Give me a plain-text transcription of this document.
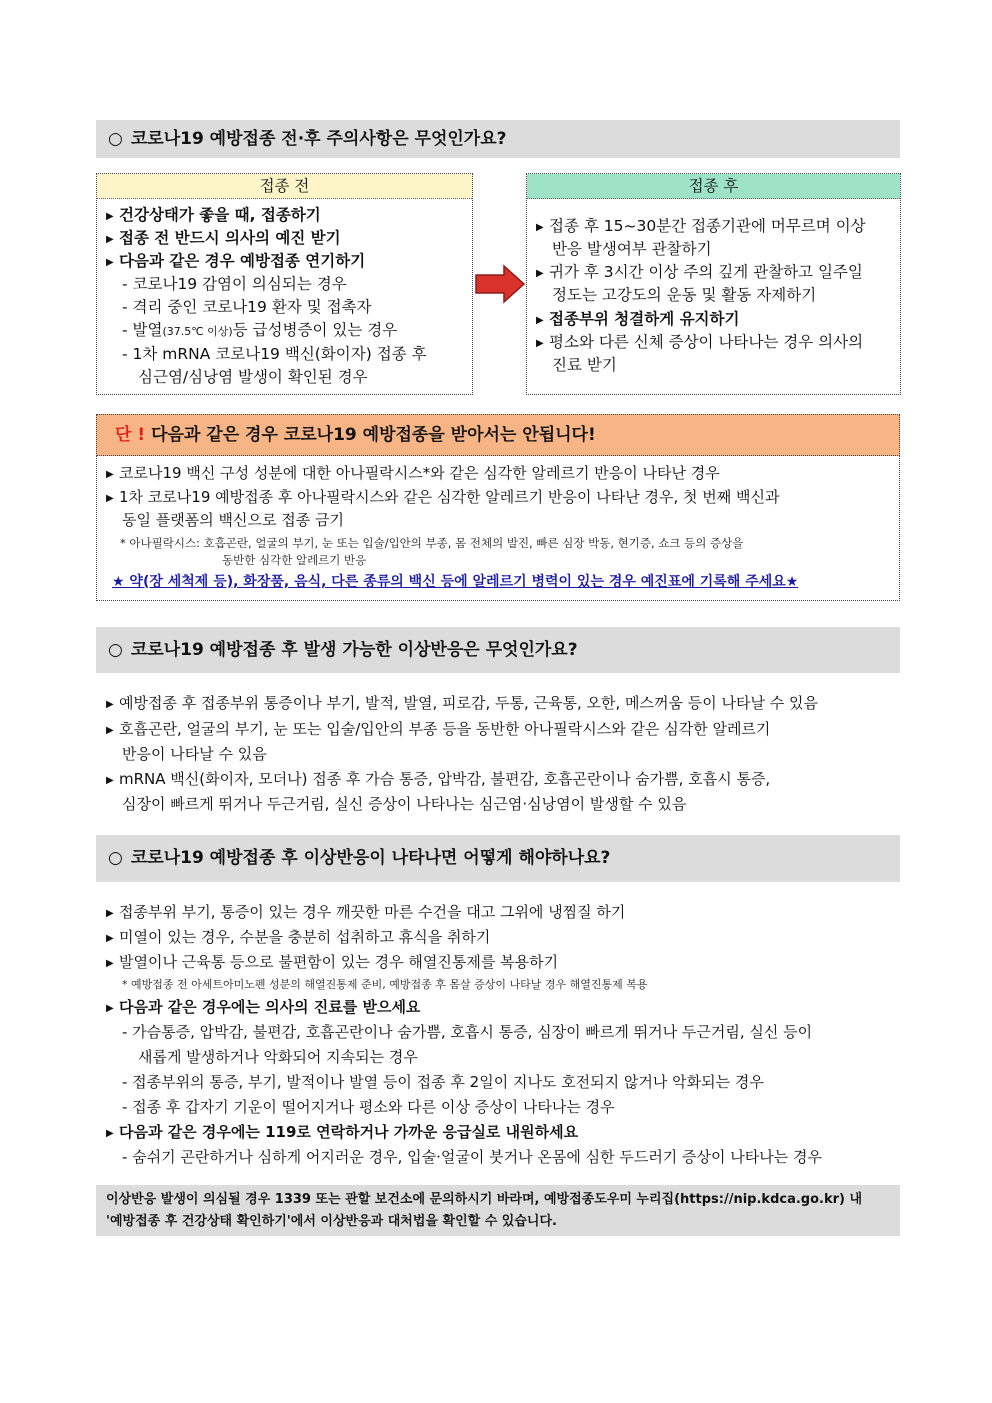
○ 코로나19 예방접종 전·후 주의사항은 무엇인가요?
접종 전
▶ 건강상태가 좋을 때, 접종하기
▶ 접종 전 반드시 의사의 예진 받기
▶ 다음과 같은 경우 예방접종 연기하기
- 코로나19 감염이 의심되는 경우
- 격리 중인 코로나19 환자 및 접촉자
- 발열(37.5℃ 이상)등 급성병증이 있는 경우
- 1차 mRNA 코로나19 백신(화이자) 접종 후
심근염/심낭염 발생이 확인된 경우
접종 후
▶ 접종 후 15~30분간 접종기관에 머무르며 이상
반응 발생여부 관찰하기
▶ 귀가 후 3시간 이상 주의 깊게 관찰하고 일주일
정도는 고강도의 운동 및 활동 자제하기
▶ 접종부위 청결하게 유지하기
▶ 평소와 다른 신체 증상이 나타나는 경우 의사의
진료 받기
단 ! 다음과 같은 경우 코로나19 예방접종을 받아서는 안됩니다!
▶ 코로나19 백신 구성 성분에 대한 아나필락시스*와 같은 심각한 알레르기 반응이 나타난 경우
▶ 1차 코로나19 예방접종 후 아나필락시스와 같은 심각한 알레르기 반응이 나타난 경우, 첫 번째 백신과
동일 플랫폼의 백신으로 접종 금기
* 아나필락시스: 호흡곤란, 얼굴의 부기, 눈 또는 입술/입안의 부종, 몸 전체의 발진, 빠른 심장 박동, 현기증, 쇼크 등의 증상을
동반한 심각한 알레르기 반응
★ 약(장 세척제 등), 화장품, 음식, 다른 종류의 백신 등에 알레르기 병력이 있는 경우 예진표에 기록해 주세요★
○ 코로나19 예방접종 후 발생 가능한 이상반응은 무엇인가요?
▶ 예방접종 후 접종부위 통증이나 부기, 발적, 발열, 피로감, 두통, 근육통, 오한, 메스꺼움 등이 나타날 수 있음
▶ 호흡곤란, 얼굴의 부기, 눈 또는 입술/입안의 부종 등을 동반한 아나필락시스와 같은 심각한 알레르기
반응이 나타날 수 있음
▶ mRNA 백신(화이자, 모더나) 접종 후 가슴 통증, 압박감, 불편감, 호흡곤란이나 숨가쁨, 호흡시 통증,
심장이 빠르게 뛰거나 두근거림, 실신 증상이 나타나는 심근염·심낭염이 발생할 수 있음
○ 코로나19 예방접종 후 이상반응이 나타나면 어떻게 해야하나요?
▶ 접종부위 부기, 통증이 있는 경우 깨끗한 마른 수건을 대고 그위에 냉찜질 하기
▶ 미열이 있는 경우, 수분을 충분히 섭취하고 휴식을 취하기
▶ 발열이나 근육통 등으로 불편함이 있는 경우 해열진통제를 복용하기
* 예방접종 전 아세트아미노펜 성분의 해열진통제 준비, 예방접종 후 몸살 증상이 나타날 경우 해열진통제 복용
▶ 다음과 같은 경우에는 의사의 진료를 받으세요
- 가슴통증, 압박감, 불편감, 호흡곤란이나 숨가쁨, 호흡시 통증, 심장이 빠르게 뛰거나 두근거림, 실신 등이
새롭게 발생하거나 악화되어 지속되는 경우
- 접종부위의 통증, 부기, 발적이나 발열 등이 접종 후 2일이 지나도 호전되지 않거나 악화되는 경우
- 접종 후 갑자기 기운이 떨어지거나 평소와 다른 이상 증상이 나타나는 경우
▶ 다음과 같은 경우에는 119로 연락하거나 가까운 응급실로 내원하세요
- 숨쉬기 곤란하거나 심하게 어지러운 경우, 입술·얼굴이 붓거나 온몸에 심한 두드러기 증상이 나타나는 경우
이상반응 발생이 의심될 경우 1339 또는 관할 보건소에 문의하시기 바라며, 예방접종도우미 누리집(https://nip.kdca.go.kr) 내
'예방접종 후 건강상태 확인하기'에서 이상반응과 대처법을 확인할 수 있습니다.
